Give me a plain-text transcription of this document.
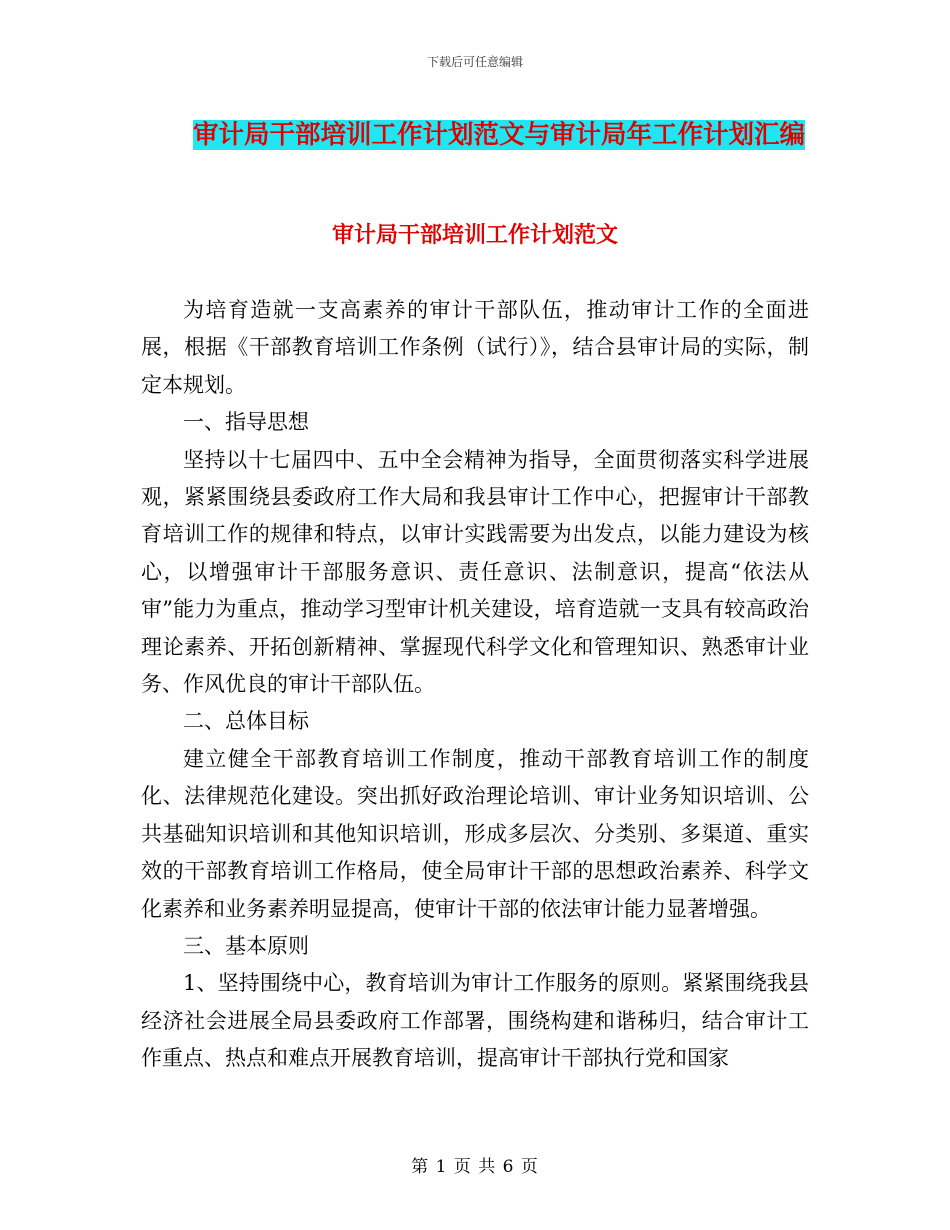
下载后可任意编辑
审计局干部培训工作计划范文与审计局年工作计划汇编
审计局干部培训工作计划范文

为培育造就一支高素养的审计干部队伍，推动审计工作的全面进展，根据《干部教育培训工作条例（试行）》，结合县审计局的实际，制定本规划。

一、指导思想

坚持以十七届四中、五中全会精神为指导，全面贯彻落实科学进展观，紧紧围绕县委政府工作大局和我县审计工作中心，把握审计干部教育培训工作的规律和特点，以审计实践需要为出发点，以能力建设为核心，以增强审计干部服务意识、责任意识、法制意识，提高“依法从审”能力为重点，推动学习型审计机关建设，培育造就一支具有较高政治理论素养、开拓创新精神、掌握现代科学文化和管理知识、熟悉审计业务、作风优良的审计干部队伍。

二、总体目标

建立健全干部教育培训工作制度，推动干部教育培训工作的制度化、法律规范化建设。突出抓好政治理论培训、审计业务知识培训、公共基础知识培训和其他知识培训，形成多层次、分类别、多渠道、重实效的干部教育培训工作格局，使全局审计干部的思想政治素养、科学文化素养和业务素养明显提高，使审计干部的依法审计能力显著增强。

三、基本原则

1、坚持围绕中心，教育培训为审计工作服务的原则。紧紧围绕我县经济社会进展全局县委政府工作部署，围绕构建和谐秭归，结合审计工作重点、热点和难点开展教育培训，提高审计干部执行党和国家

第 1 页 共 6 页
